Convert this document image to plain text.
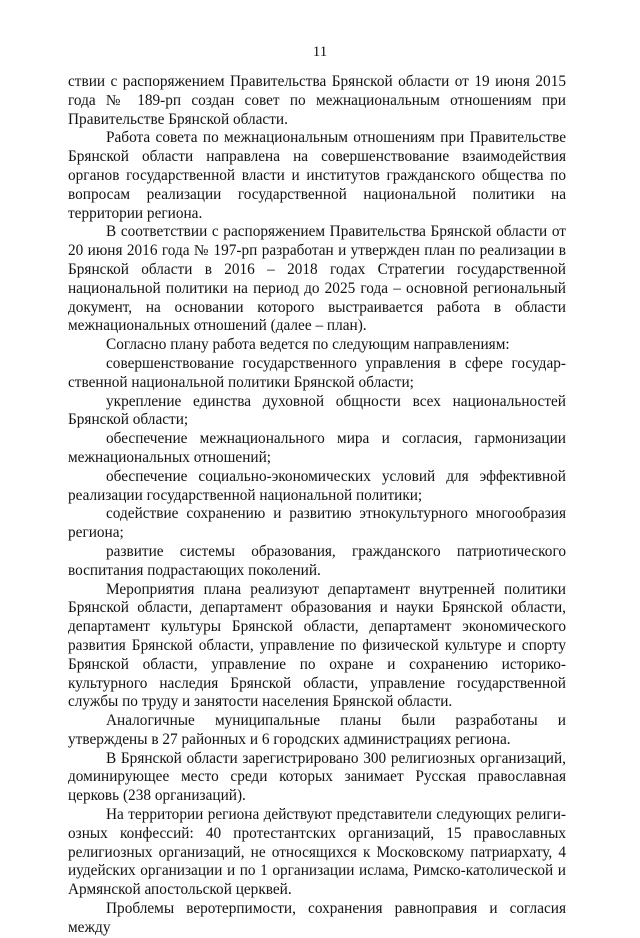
11

ствии с распоряжением Правительства Брянской области от 19 июня 2015 года № 189-рп создан совет по межнациональным отношениям при Правительстве Брянской области.

Работа совета по межнациональным отношениям при Правительстве Брянской области направлена на совершенствование взаимодействия органов государственной власти и институтов гражданского общества по вопросам реализации государственной национальной политики на территории региона.

В соответствии с распоряжением Правительства Брянской области от 20 июня 2016 года № 197-рп разработан и утвержден план по реализации в Брянской области в 2016 – 2018 годах Стратегии государственной национальной политики на период до 2025 года – основной региональный документ, на основании которого выстраивается работа в области межнациональных отношений (далее – план).

Согласно плану работа ведется по следующим направлениям:

совершенствование государственного управления в сфере государственной национальной политики Брянской области;

укрепление единства духовной общности всех национальностей Брянской области;

обеспечение межнационального мира и согласия, гармонизации межнациональных отношений;

обеспечение социально-экономических условий для эффективной реализации государственной национальной политики;

содействие сохранению и развитию этнокультурного многообразия региона;

развитие системы образования, гражданского патриотического воспитания подрастающих поколений.

Мероприятия плана реализуют департамент внутренней политики Брянской области, департамент образования и науки Брянской области, департамент культуры Брянской области, департамент экономического развития Брянской области, управление по физической культуре и спорту Брянской области, управление по охране и сохранению историко-культурного наследия Брянской области, управление государственной службы по труду и занятости населения Брянской области.

Аналогичные муниципальные планы были разработаны и утверждены в 27 районных и 6 городских администрациях региона.

В Брянской области зарегистрировано 300 религиозных организаций, доминирующее место среди которых занимает Русская православная церковь (238 организаций).

На территории региона действуют представители следующих религиозных конфессий: 40 протестантских организаций, 15 православных религиозных организаций, не относящихся к Московскому патриархату, 4 иудейских организации и по 1 организации ислама, Римско-католической и Армянской апостольской церквей.

Проблемы веротерпимости, сохранения равноправия и согласия между
